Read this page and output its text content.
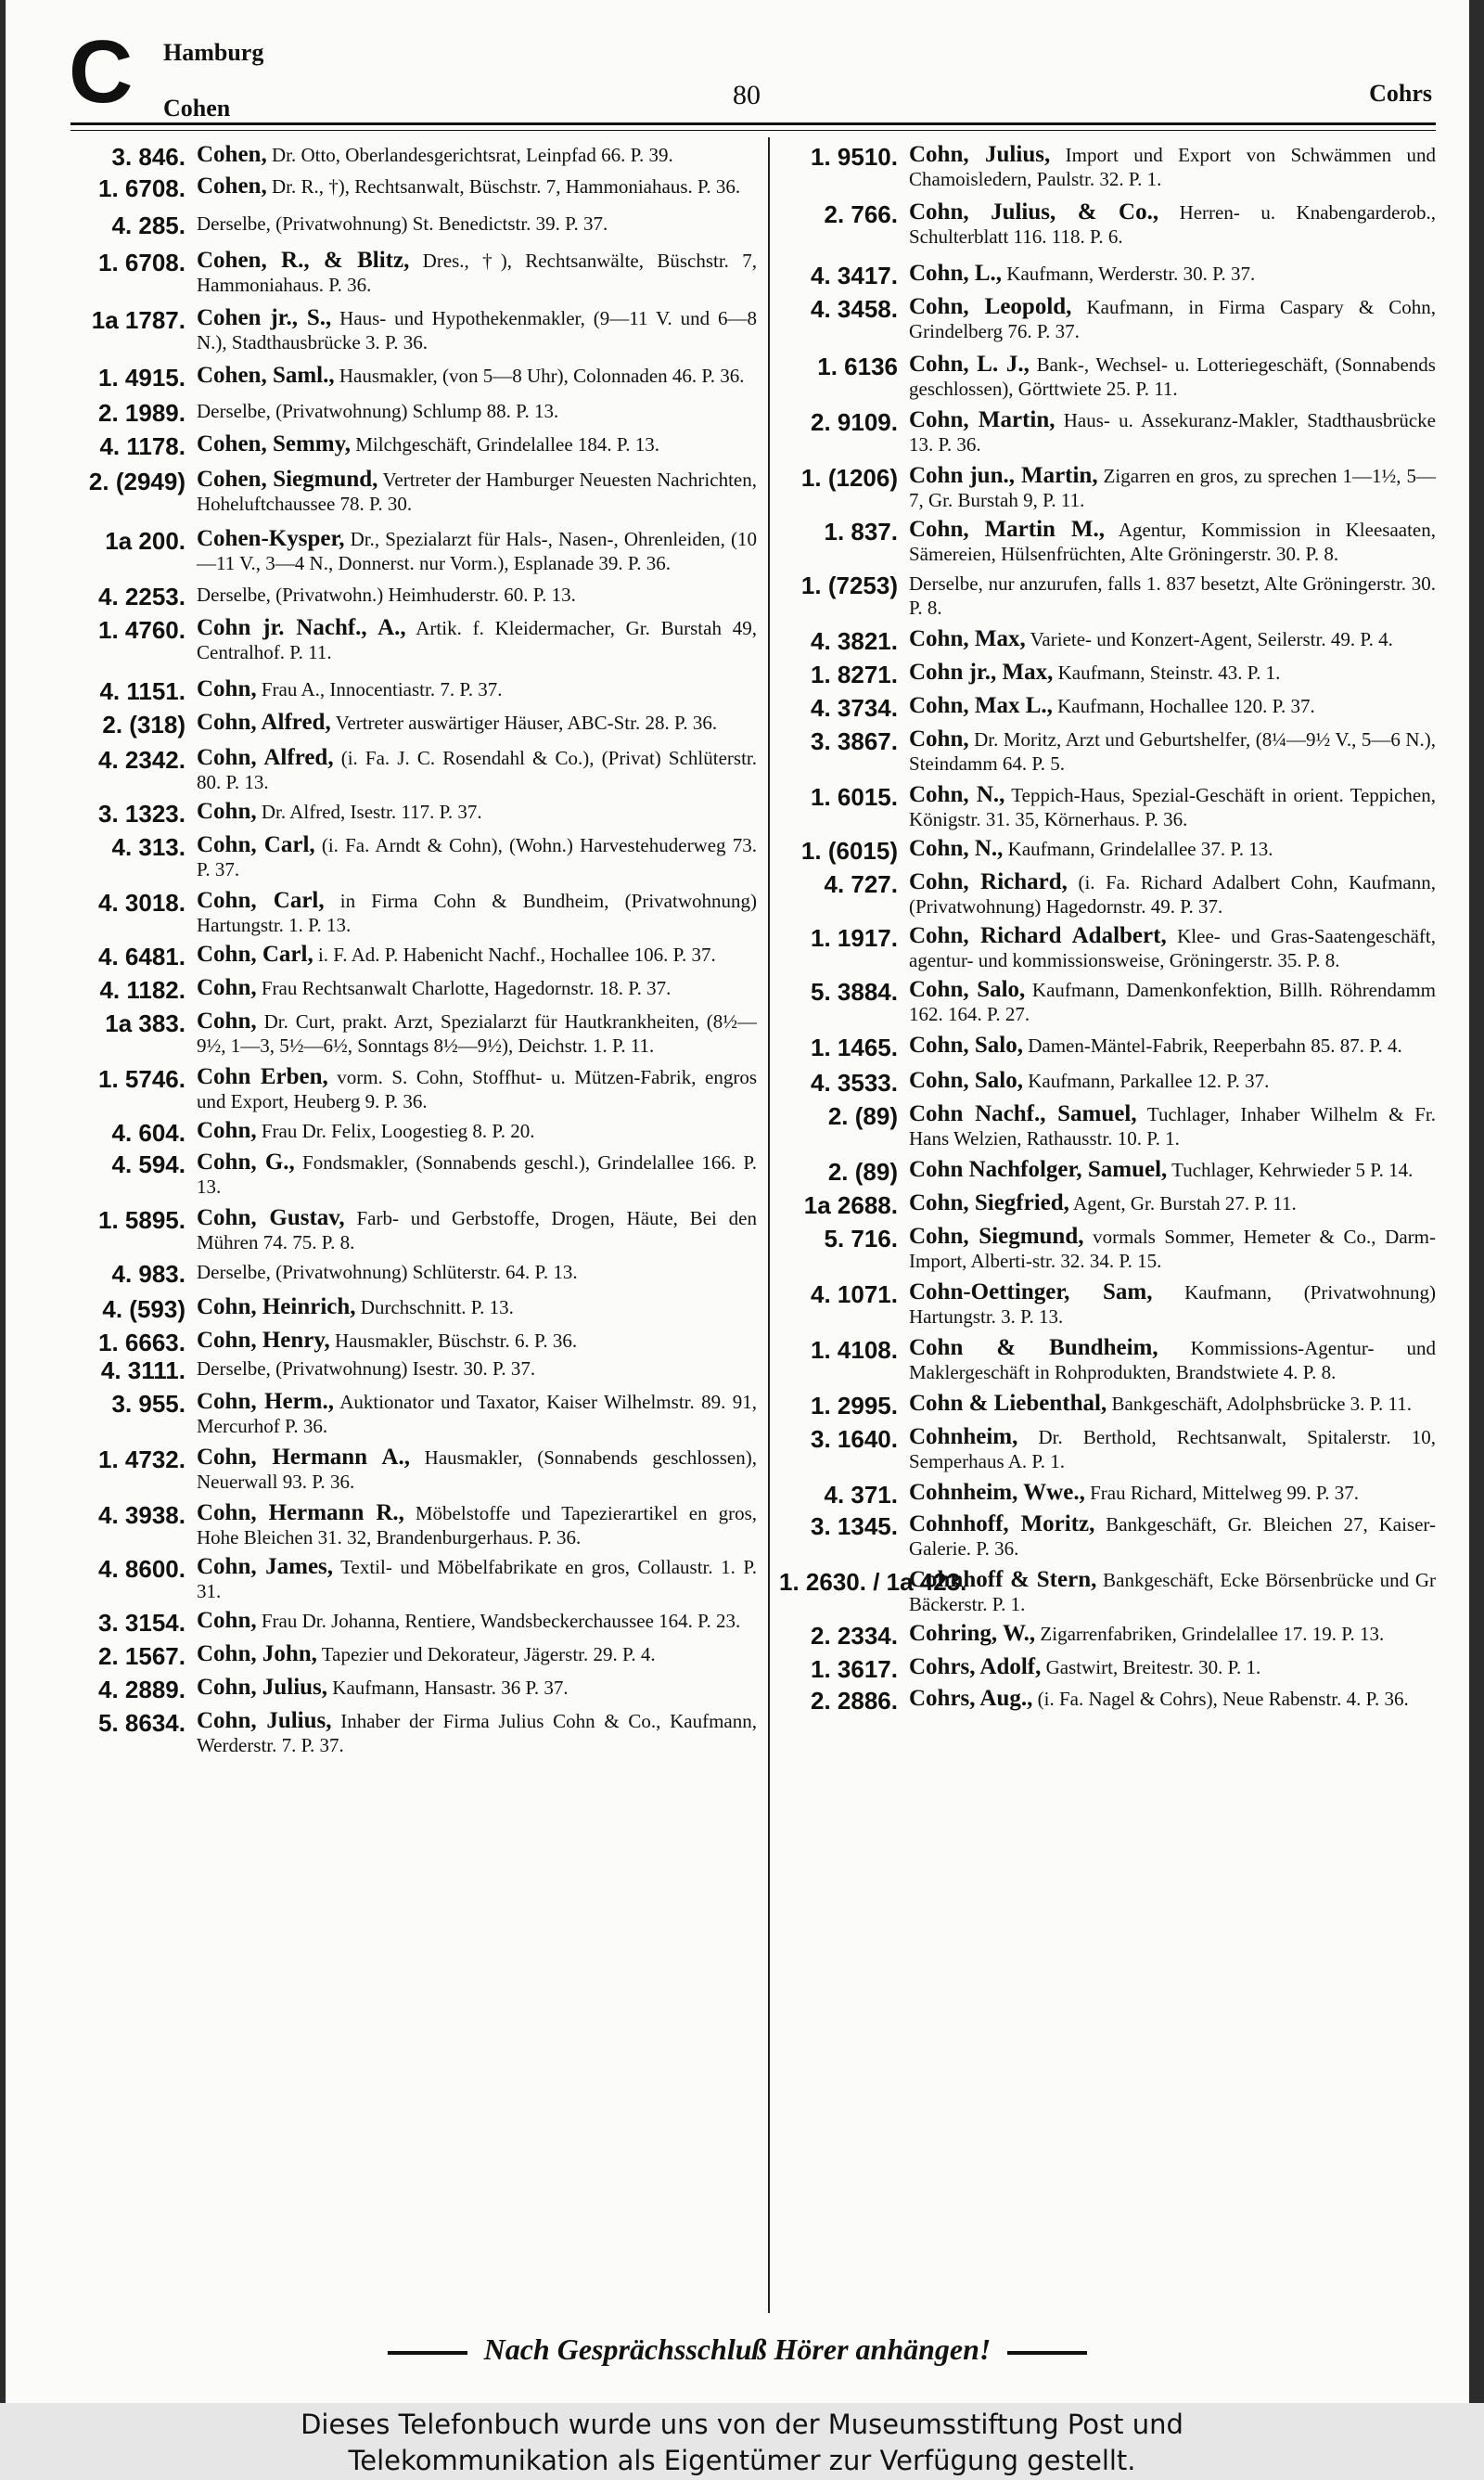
C Hamburg
Cohen	80	Cohrs
3. 846. Cohen, Dr. Otto, Oberlandesgerichtsrat, Leinpfad 66. P. 39.
1. 6708. Cohen, Dr. R., †), Rechtsanwalt, Büschstr. 7, Hammoniahaus. P. 36.
4. 285. Derselbe, (Privatwohnung) St. Benedictstr. 39. P. 37.
1. 6708. Cohen, R., & Blitz, Dres., †), Rechtsanwälte, Büschstr. 7, Hammoniahaus. P. 36.
1a 1787. Cohen jr., S., Haus- und Hypothekenmakler, (9—11 V. und 6—8 N.), Stadthausbrücke 3. P. 36.
1. 4915. Cohen, Saml., Hausmakler, (von 5—8 Uhr), Colonnaden 46. P. 36.
2. 1989. Derselbe, (Privatwohnung) Schlump 88. P. 13.
4. 1178. Cohen, Semmy, Milchgeschäft, Grindelallee 184. P. 13.
2. (2949) Cohen, Siegmund, Vertreter der Hamburger Neuesten Nachrichten, Hoheluftchaussee 78. P. 30.
1a 200. Cohen-Kysper, Dr., Spezialarzt für Hals-, Nasen-, Ohrenleiden, (10—11 V., 3—4 N., Donnerst. nur Vorm.), Esplanade 39. P. 36.
4. 2253. Derselbe, (Privatwohn.) Heimhuderstr. 60. P. 13.
1. 4760. Cohn jr. Nachf., A., Artik. f. Kleidermacher, Gr. Burstah 49, Centralhof. P. 11.
4. 1151. Cohn, Frau A., Innocentiastr. 7. P. 37.
2. (318) Cohn, Alfred, Vertreter auswärtiger Häuser, ABC-Str. 28. P. 36.
4. 2342. Cohn, Alfred, (i. Fa. J. C. Rosendahl & Co.), (Privat) Schlüterstr. 80. P. 13.
3. 1323. Cohn, Dr. Alfred, Isestr. 117. P. 37.
4. 313. Cohn, Carl, (i. Fa. Arndt & Cohn), (Wohn.) Harvestehuderweg 73. P. 37.
4. 3018. Cohn, Carl, in Firma Cohn & Bundheim, (Privatwohnung) Hartungstr. 1. P. 13.
4. 6481. Cohn, Carl, i. F. Ad. P. Habenicht Nachf., Hochallee 106. P. 37.
4. 1182. Cohn, Frau Rechtsanwalt Charlotte, Hagedornstr. 18. P. 37.
1a 383. Cohn, Dr. Curt, prakt. Arzt, Spezialarzt für Hautkrankheiten, (8½—9½, 1—3, 5½—6½, Sonntags 8½—9½), Deichstr. 1. P. 11.
1. 5746. Cohn Erben, vorm. S. Cohn, Stoffhut- u. Mützen-Fabrik, engros und Export, Heuberg 9. P. 36.
4. 604. Cohn, Frau Dr. Felix, Loogestieg 8. P. 20.
4. 594. Cohn, G., Fondsmakler, (Sonnabends geschl.), Grindelallee 166. P. 13.
1. 5895. Cohn, Gustav, Farb- und Gerbstoffe, Drogen, Häute, Bei den Mühren 74. 75. P. 8.
4. 983. Derselbe, (Privatwohnung) Schlüterstr. 64. P. 13.
4. (593) Cohn, Heinrich, Durchschnitt. P. 13.
1. 6663. Cohn, Henry, Hausmakler, Büschstr. 6. P. 36.
4. 3111. Derselbe, (Privatwohnung) Isestr. 30. P. 37.
3. 955. Cohn, Herm., Auktionator und Taxator, Kaiser Wilhelmstr. 89. 91, Mercurhof P. 36.
1. 4732. Cohn, Hermann A., Hausmakler, (Sonnabends geschlossen), Neuerwall 93. P. 36.
4. 3938. Cohn, Hermann R., Möbelstoffe und Tapezierartikel en gros, Hohe Bleichen 31. 32, Brandenburgerhaus. P. 36.
4. 8600. Cohn, James, Textil- und Möbelfabrikate en gros, Collaustr. 1. P. 31.
3. 3154. Cohn, Frau Dr. Johanna, Rentiere, Wandsbeckerchaussee 164. P. 23.
2. 1567. Cohn, John, Tapezier und Dekorateur, Jägerstr. 29. P. 4.
4. 2889. Cohn, Julius, Kaufmann, Hansastr. 36 P. 37.
5. 8634. Cohn, Julius, Inhaber der Firma Julius Cohn & Co., Kaufmann, Werderstr. 7. P. 37.
1. 9510. Cohn, Julius, Import und Export von Schwämmen und Chamoisledern, Paulstr. 32. P. 1.
2. 766. Cohn, Julius, & Co., Herren- u. Knabengarderob., Schulterblatt 116. 118. P. 6.
4. 3417. Cohn, L., Kaufmann, Werderstr. 30. P. 37.
4. 3458. Cohn, Leopold, Kaufmann, in Firma Caspary & Cohn, Grindelberg 76. P. 37.
1. 6136 Cohn, L. J., Bank-, Wechsel- u. Lotteriegeschäft, (Sonnabends geschlossen), Görttwiete 25. P. 11.
2. 9109. Cohn, Martin, Haus- u. Assekuranz-Makler, Stadthausbrücke 13. P. 36.
1. (1206) Cohn jun., Martin, Zigarren en gros, zu sprechen 1—1½, 5—7, Gr. Burstah 9, P. 11.
1. 837. Cohn, Martin M., Agentur, Kommission in Kleesaaten, Sämereien, Hülsenfrüchten, Alte Gröningerstr. 30. P. 8.
1. (7253) Derselbe, nur anzurufen, falls 1. 837 besetzt, Alte Gröningerstr. 30. P. 8.
4. 3821. Cohn, Max, Variete- und Konzert-Agent, Seilerstr. 49. P. 4.
1. 8271. Cohn jr., Max, Kaufmann, Steinstr. 43. P. 1.
4. 3734. Cohn, Max L., Kaufmann, Hochallee 120. P. 37.
3. 3867. Cohn, Dr. Moritz, Arzt und Geburtshelfer, (8¼—9½ V., 5—6 N.), Steindamm 64. P. 5.
1. 6015. Cohn, N., Teppich-Haus, Spezial-Geschäft in orient. Teppichen, Königstr. 31. 35, Körnerhaus. P. 36.
1. (6015) Cohn, N., Kaufmann, Grindelallee 37. P. 13.
4. 727. Cohn, Richard, (i. Fa. Richard Adalbert Cohn, Kaufmann, (Privatwohnung) Hagedornstr. 49. P. 37.
1. 1917. Cohn, Richard Adalbert, Klee- und Gras-Saatengeschäft, agentur- und kommissionsweise, Gröningerstr. 35. P. 8.
5. 3884. Cohn, Salo, Kaufmann, Damenkonfektion, Billh. Röhrendamm 162. 164. P. 27.
1. 1465. Cohn, Salo, Damen-Mäntel-Fabrik, Reeperbahn 85. 87. P. 4.
4. 3533. Cohn, Salo, Kaufmann, Parkallee 12. P. 37.
2. (89) Cohn Nachf., Samuel, Tuchlager, Inhaber Wilhelm & Fr. Hans Welzien, Rathausstr. 10. P. 1.
2. (89) Cohn Nachfolger, Samuel, Tuchlager, Kehrwieder 5 P. 14.
1a 2688. Cohn, Siegfried, Agent, Gr. Burstah 27. P. 11.
5. 716. Cohn, Siegmund, vormals Sommer, Hemeter & Co., Darm-Import, Alberti-str. 32. 34. P. 15.
4. 1071. Cohn-Oettinger, Sam, Kaufmann, (Privatwohnung) Hartungstr. 3. P. 13.
1. 4108. Cohn & Bundheim, Kommissions-Agentur- und Maklergeschäft in Rohprodukten, Brandstwiete 4. P. 8.
1. 2995. Cohn & Liebenthal, Bankgeschäft, Adolphsbrücke 3. P. 11.
3. 1640. Cohnheim, Dr. Berthold, Rechtsanwalt, Spitalerstr. 10, Semperhaus A. P. 1.
4. 371. Cohnheim, Wwe., Frau Richard, Mittelweg 99. P. 37.
3. 1345. Cohnhoff, Moritz, Bankgeschäft, Gr. Bleichen 27, Kaiser-Galerie. P. 36.
1. 2630. / 1a 423.
Cohnhoff & Stern, Bankgeschäft, Ecke Börsenbrücke und Gr Bäckerstr. P. 1.
2. 2334. Cohring, W., Zigarrenfabriken, Grindelallee 17. 19. P. 13.
1. 3617. Cohrs, Adolf, Gastwirt, Breitestr. 30. P. 1.
2. 2886. Cohrs, Aug., (i. Fa. Nagel & Cohrs), Neue Rabenstr. 4. P. 36.
Nach Gesprächsschluß Hörer anhängen!
Dieses Telefonbuch wurde uns von der Museumsstiftung Post und
Telekommunikation als Eigentümer zur Verfügung gestellt.
